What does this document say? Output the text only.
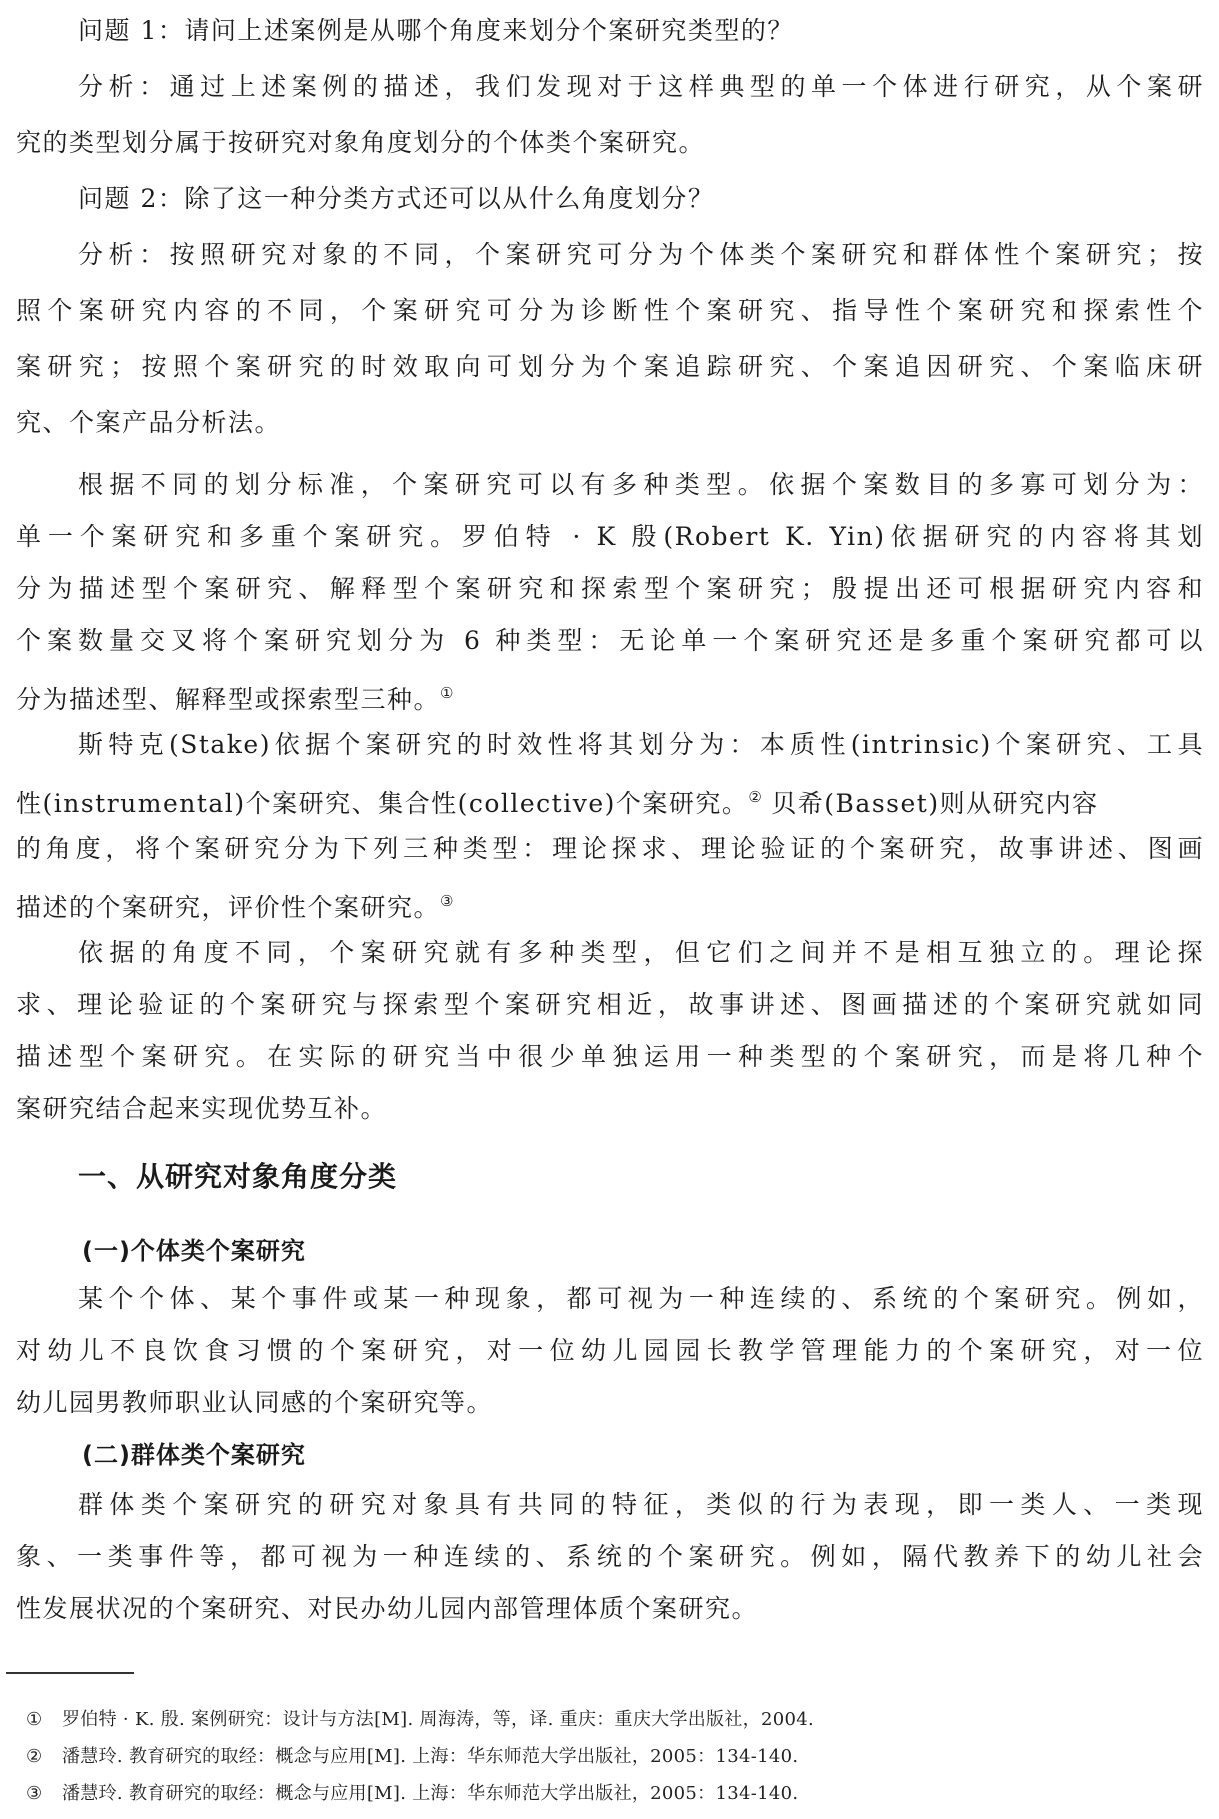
问题 1：请问上述案例是从哪个角度来划分个案研究类型的？
分析：通过上述案例的描述，我们发现对于这样典型的单一个体进行研究，从个案研
究的类型划分属于按研究对象角度划分的个体类个案研究。
问题 2：除了这一种分类方式还可以从什么角度划分？
分析：按照研究对象的不同，个案研究可分为个体类个案研究和群体性个案研究；按
照个案研究内容的不同，个案研究可分为诊断性个案研究、指导性个案研究和探索性个
案研究；按照个案研究的时效取向可划分为个案追踪研究、个案追因研究、个案临床研
究、个案产品分析法。
根据不同的划分标准，个案研究可以有多种类型。依据个案数目的多寡可划分为：
单一个案研究和多重个案研究。罗伯特 · K 殷(Robert K. Yin)依据研究的内容将其划
分为描述型个案研究、解释型个案研究和探索型个案研究；殷提出还可根据研究内容和
个案数量交叉将个案研究划分为 6 种类型：无论单一个案研究还是多重个案研究都可以
分为描述型、解释型或探索型三种。①
斯特克(Stake)依据个案研究的时效性将其划分为：本质性(intrinsic)个案研究、工具
性(instrumental)个案研究、集合性(collective)个案研究。② 贝希(Basset)则从研究内容
的角度，将个案研究分为下列三种类型：理论探求、理论验证的个案研究，故事讲述、图画
描述的个案研究，评价性个案研究。③
依据的角度不同，个案研究就有多种类型，但它们之间并不是相互独立的。理论探
求、理论验证的个案研究与探索型个案研究相近，故事讲述、图画描述的个案研究就如同
描述型个案研究。在实际的研究当中很少单独运用一种类型的个案研究，而是将几种个
案研究结合起来实现优势互补。
一、从研究对象角度分类
(一)个体类个案研究
某个个体、某个事件或某一种现象，都可视为一种连续的、系统的个案研究。例如，
对幼儿不良饮食习惯的个案研究，对一位幼儿园园长教学管理能力的个案研究，对一位
幼儿园男教师职业认同感的个案研究等。
(二)群体类个案研究
群体类个案研究的研究对象具有共同的特征，类似的行为表现，即一类人、一类现
象、一类事件等，都可视为一种连续的、系统的个案研究。例如，隔代教养下的幼儿社会
性发展状况的个案研究、对民办幼儿园内部管理体质个案研究。
① 罗伯特 · K. 殷. 案例研究：设计与方法[M]. 周海涛，等，译. 重庆：重庆大学出版社，2004.
② 潘慧玲. 教育研究的取经：概念与应用[M]. 上海：华东师范大学出版社，2005：134-140.
③ 潘慧玲. 教育研究的取经：概念与应用[M]. 上海：华东师范大学出版社，2005：134-140.
